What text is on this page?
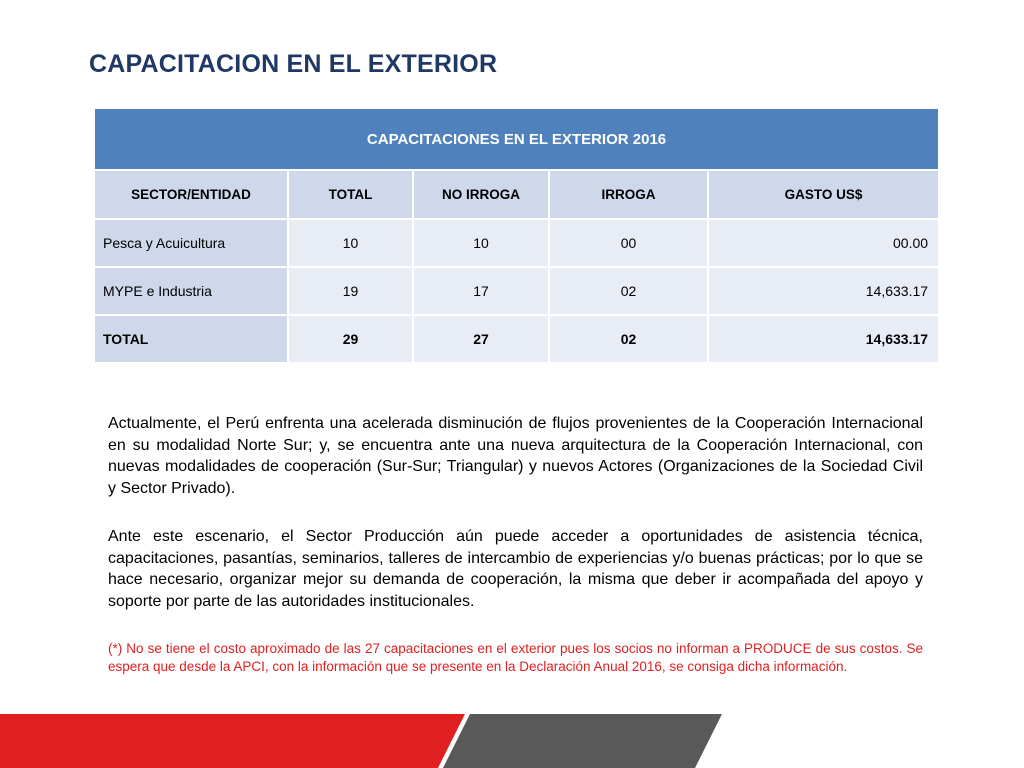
CAPACITACION EN EL EXTERIOR
CAPACITACIONES EN EL EXTERIOR 2016				
SECTOR/ENTIDAD	TOTAL	NO IRROGA	IRROGA	GASTO US$
Pesca y Acuicultura	10	10	00	00.00
MYPE e Industria	19	17	02	14,633.17
TOTAL	29	27	02	14,633.17
Actualmente, el Perú enfrenta una acelerada disminución de flujos provenientes de la Cooperación Internacional en su modalidad Norte Sur; y, se encuentra ante una nueva arquitectura de la Cooperación Internacional, con nuevas modalidades de cooperación (Sur-Sur; Triangular) y nuevos Actores (Organizaciones de la Sociedad Civil y Sector Privado).
Ante este escenario, el Sector Producción aún puede acceder a oportunidades de asistencia técnica, capacitaciones, pasantías, seminarios, talleres de intercambio de experiencias y/o buenas prácticas; por lo que se hace necesario, organizar mejor su demanda de cooperación, la misma que deber ir acompañada del apoyo y soporte por parte de las autoridades institucionales.
(*) No se tiene el costo aproximado de las 27 capacitaciones en el exterior pues los socios no informan a PRODUCE de sus costos. Se espera que desde la APCI, con la información que se presente en la Declaración Anual 2016, se consiga dicha información.
